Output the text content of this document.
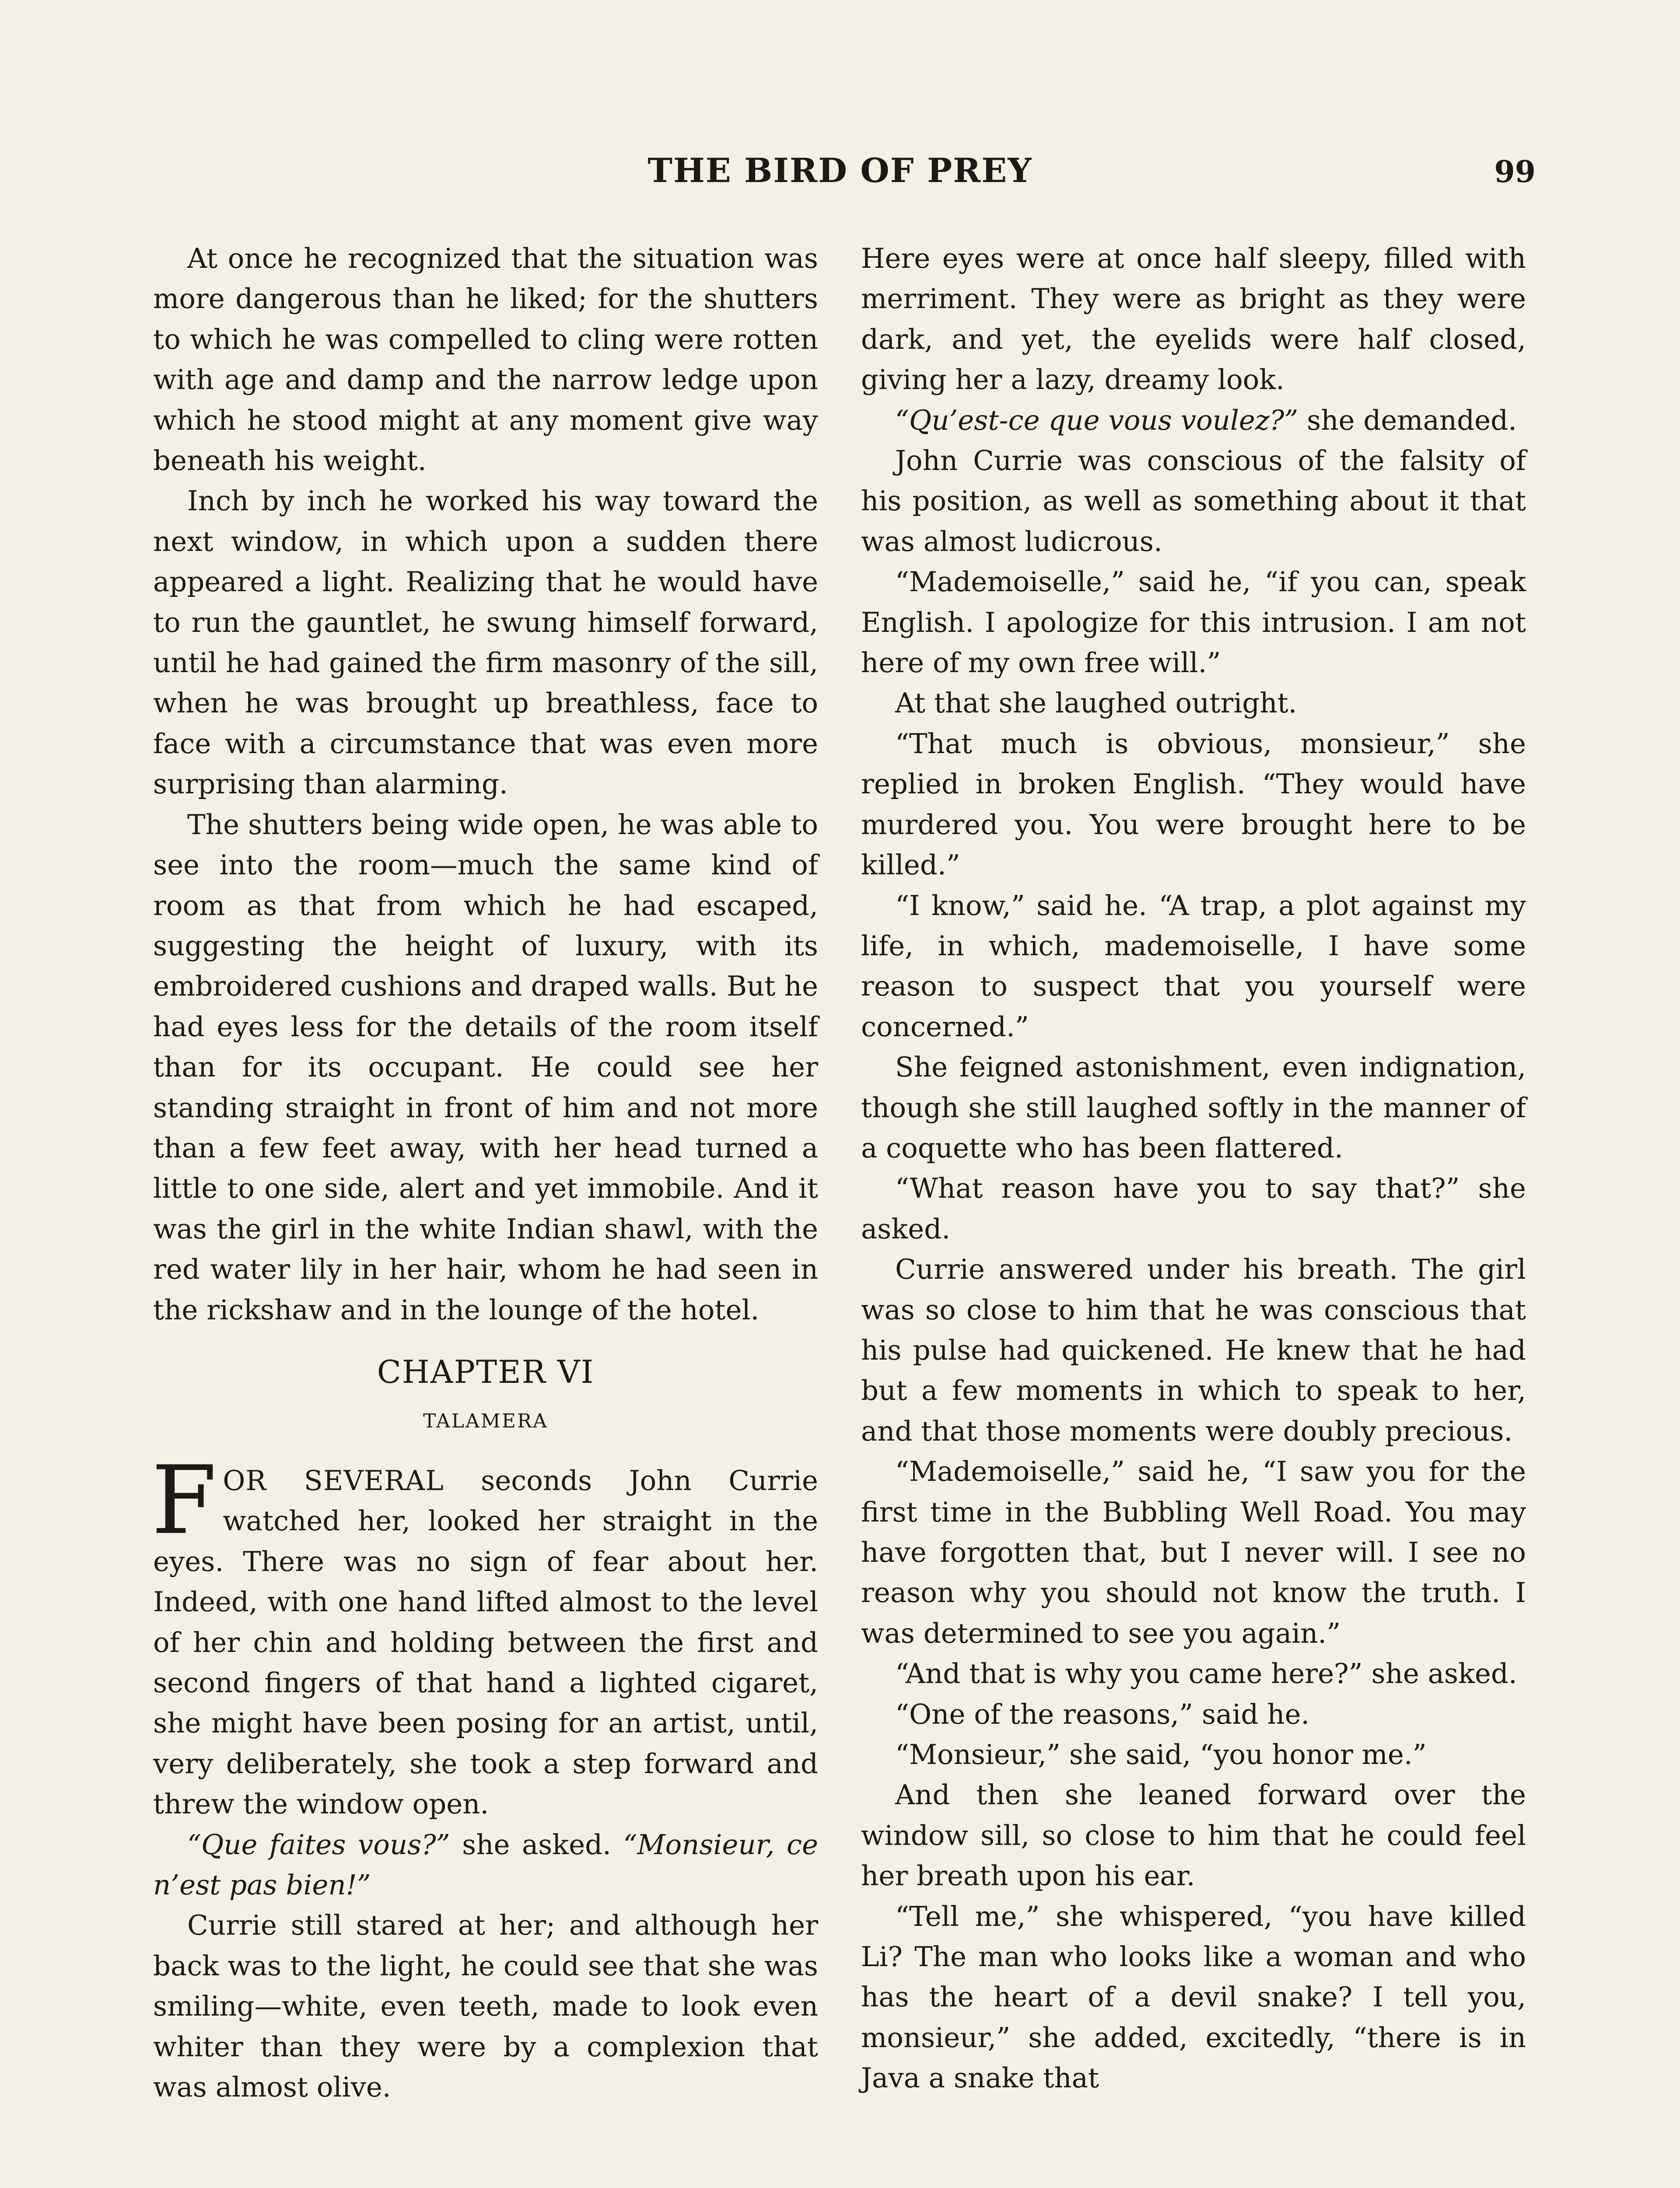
THE BIRD OF PREY	99

At once he recognized that the situation was more dangerous than he liked; for the shutters to which he was compelled to cling were rotten with age and damp and the narrow ledge upon which he stood might at any moment give way beneath his weight.

Inch by inch he worked his way toward the next window, in which upon a sudden there appeared a light. Realizing that he would have to run the gauntlet, he swung himself forward, until he had gained the firm masonry of the sill, when he was brought up breathless, face to face with a circumstance that was even more surprising than alarming.

The shutters being wide open, he was able to see into the room—much the same kind of room as that from which he had escaped, suggesting the height of luxury, with its embroidered cushions and draped walls. But he had eyes less for the details of the room itself than for its occupant. He could see her standing straight in front of him and not more than a few feet away, with her head turned a little to one side, alert and yet immobile. And it was the girl in the white Indian shawl, with the red water lily in her hair, whom he had seen in the rickshaw and in the lounge of the hotel.

CHAPTER VI
TALAMERA

FOR SEVERAL seconds John Currie watched her, looked her straight in the eyes. There was no sign of fear about her. Indeed, with one hand lifted almost to the level of her chin and holding between the first and second fingers of that hand a lighted cigaret, she might have been posing for an artist, until, very deliberately, she took a step forward and threw the window open.

“Que faites vous?” she asked. “Monsieur, ce n’est pas bien!”

Currie still stared at her; and although her back was to the light, he could see that she was smiling—white, even teeth, made to look even whiter than they were by a complexion that was almost olive.

Here eyes were at once half sleepy, filled with merriment. They were as bright as they were dark, and yet, the eyelids were half closed, giving her a lazy, dreamy look.

“Qu’est-ce que vous voulez?” she demanded.

John Currie was conscious of the falsity of his position, as well as something about it that was almost ludicrous.

“Mademoiselle,” said he, “if you can, speak English. I apologize for this intrusion. I am not here of my own free will.”

At that she laughed outright.

“That much is obvious, monsieur,” she replied in broken English. “They would have murdered you. You were brought here to be killed.”

“I know,” said he. “A trap, a plot against my life, in which, mademoiselle, I have some reason to suspect that you yourself were concerned.”

She feigned astonishment, even indignation, though she still laughed softly in the manner of a coquette who has been flattered.

“What reason have you to say that?” she asked.

Currie answered under his breath. The girl was so close to him that he was conscious that his pulse had quickened. He knew that he had but a few moments in which to speak to her, and that those moments were doubly precious.

“Mademoiselle,” said he, “I saw you for the first time in the Bubbling Well Road. You may have forgotten that, but I never will. I see no reason why you should not know the truth. I was determined to see you again.”

“And that is why you came here?” she asked.

“One of the reasons,” said he.

“Monsieur,” she said, “you honor me.”

And then she leaned forward over the window sill, so close to him that he could feel her breath upon his ear.

“Tell me,” she whispered, “you have killed Li? The man who looks like a woman and who has the heart of a devil snake? I tell you, monsieur,” she added, excitedly, “there is in Java a snake that
